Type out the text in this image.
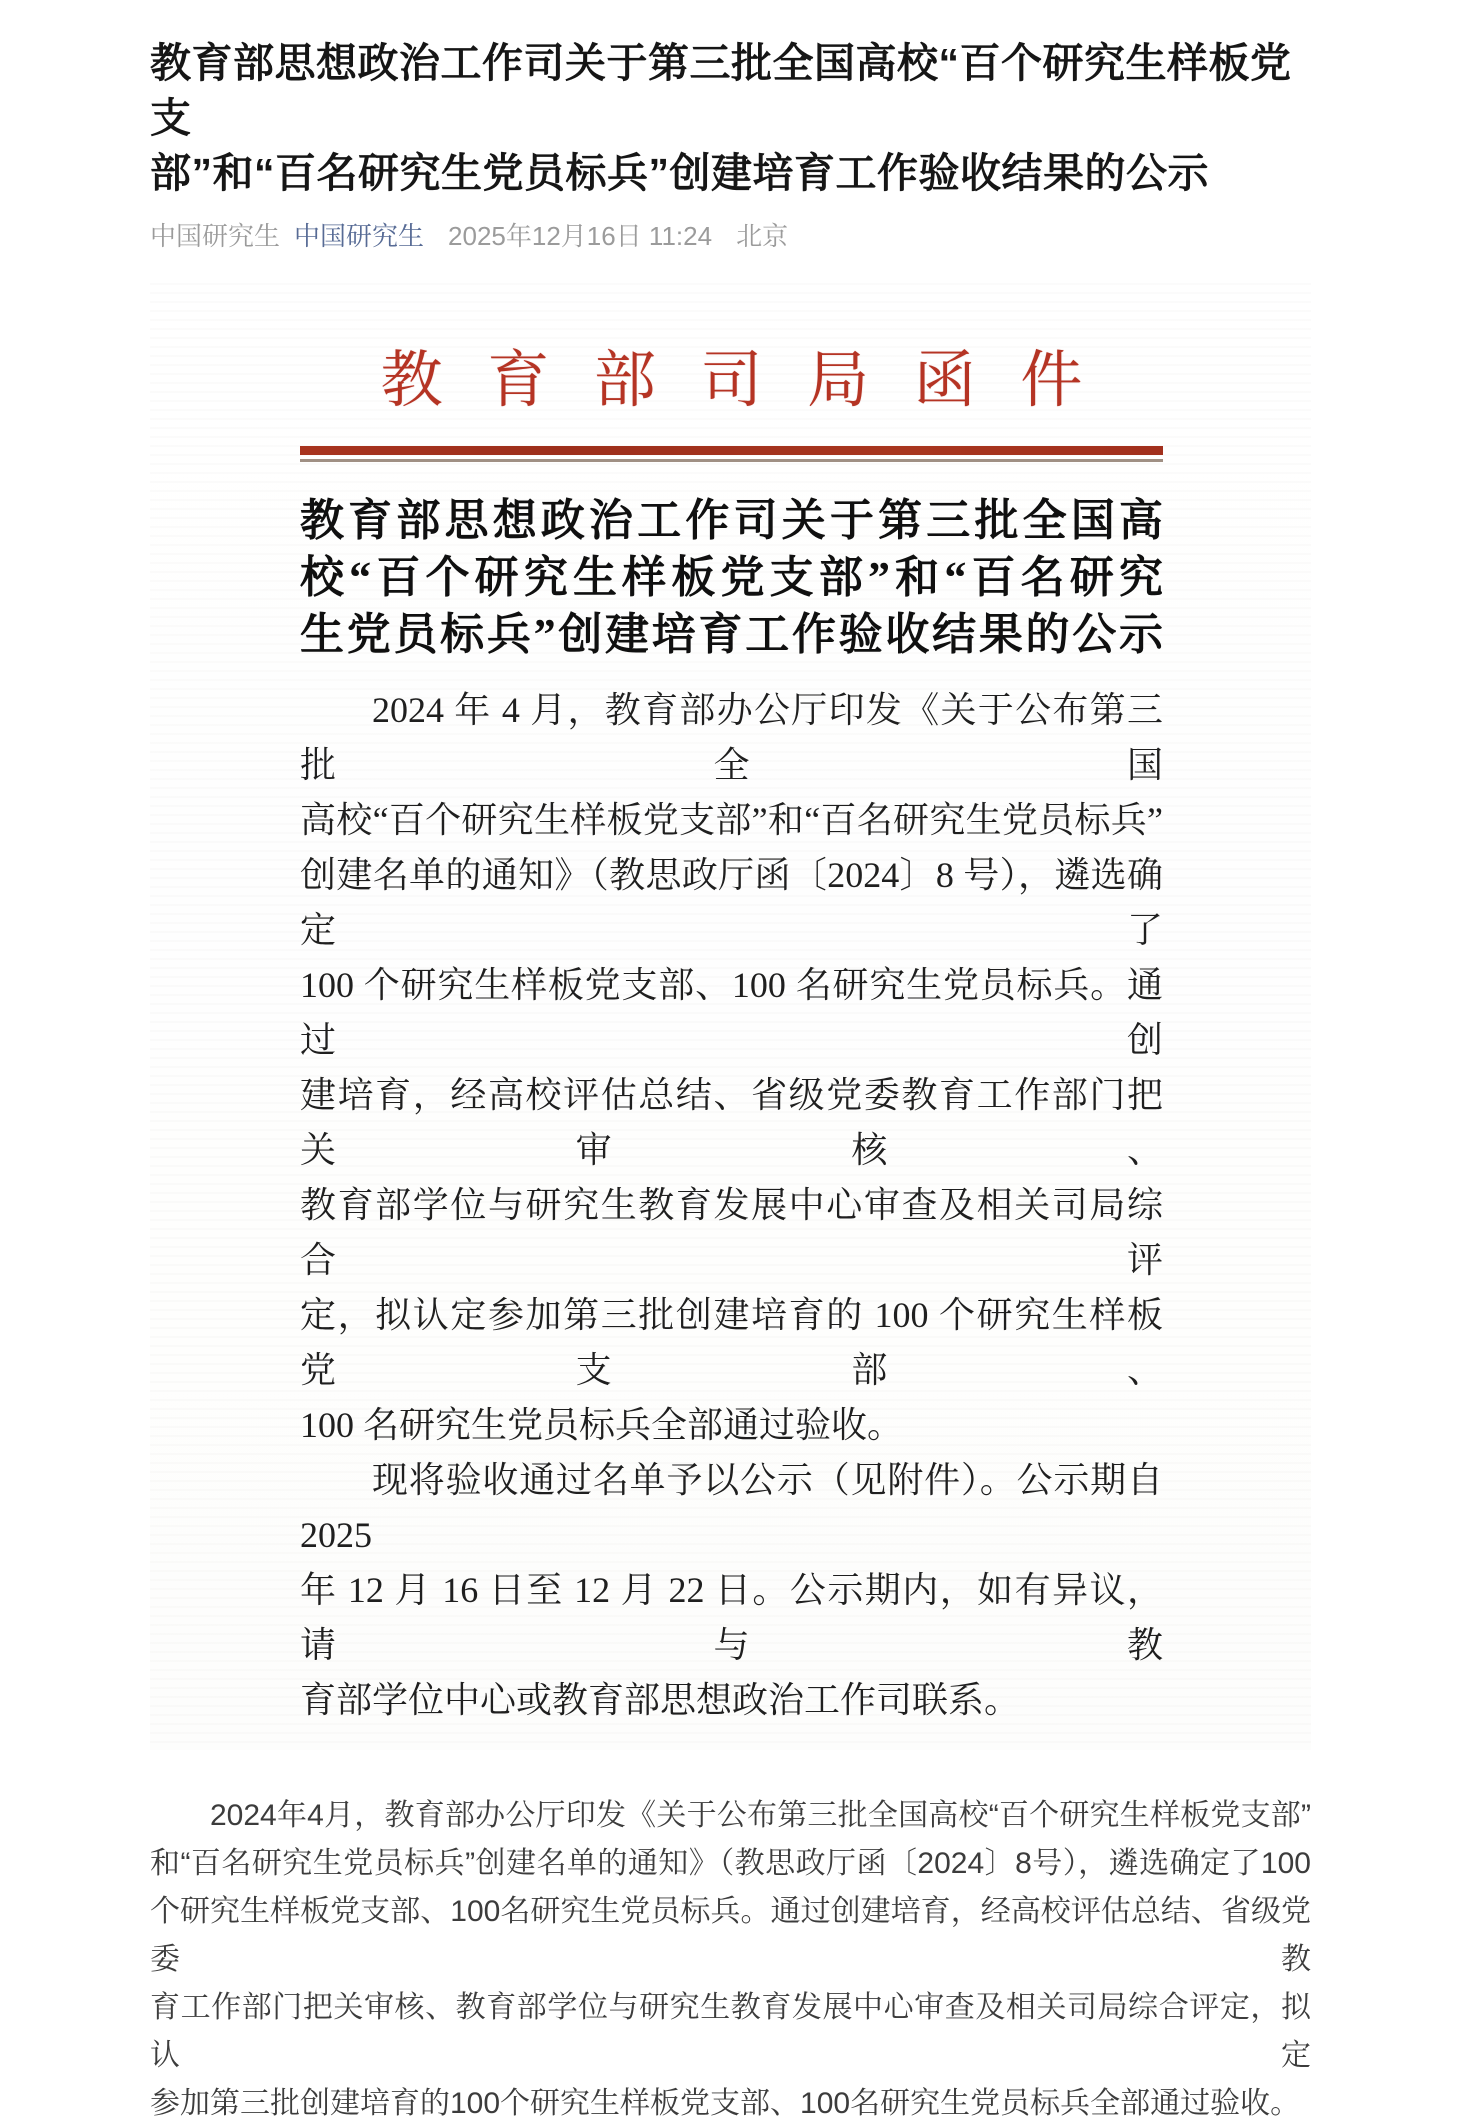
教育部思想政治工作司关于第三批全国高校“百个研究生样板党支
部”和“百名研究生党员标兵”创建培育工作验收结果的公示
中国研究生 中国研究生 2025年12月16日 11:24 北京
教育部司局函件
教育部思想政治工作司关于第三批全国高
校“百个研究生样板党支部”和“百名研究
生党员标兵”创建培育工作验收结果的公示
2024 年 4 月，教育部办公厅印发《关于公布第三批全国
高校“百个研究生样板党支部”和“百名研究生党员标兵”
创建名单的通知》（教思政厅函〔2024〕8 号），遴选确定了
100 个研究生样板党支部、100 名研究生党员标兵。通过创
建培育，经高校评估总结、省级党委教育工作部门把关审核、
教育部学位与研究生教育发展中心审查及相关司局综合评
定，拟认定参加第三批创建培育的 100 个研究生样板党支部、
100 名研究生党员标兵全部通过验收。
现将验收通过名单予以公示（见附件）。公示期自 2025
年 12 月 16 日至 12 月 22 日。公示期内，如有异议，请与教
育部学位中心或教育部思想政治工作司联系。
2024年4月，教育部办公厅印发《关于公布第三批全国高校“百个研究生样板党支部”
和“百名研究生党员标兵”创建名单的通知》（教思政厅函〔2024〕8号），遴选确定了100
个研究生样板党支部、100名研究生党员标兵。通过创建培育，经高校评估总结、省级党委教
育工作部门把关审核、教育部学位与研究生教育发展中心审查及相关司局综合评定，拟认定
参加第三批创建培育的100个研究生样板党支部、100名研究生党员标兵全部通过验收。
